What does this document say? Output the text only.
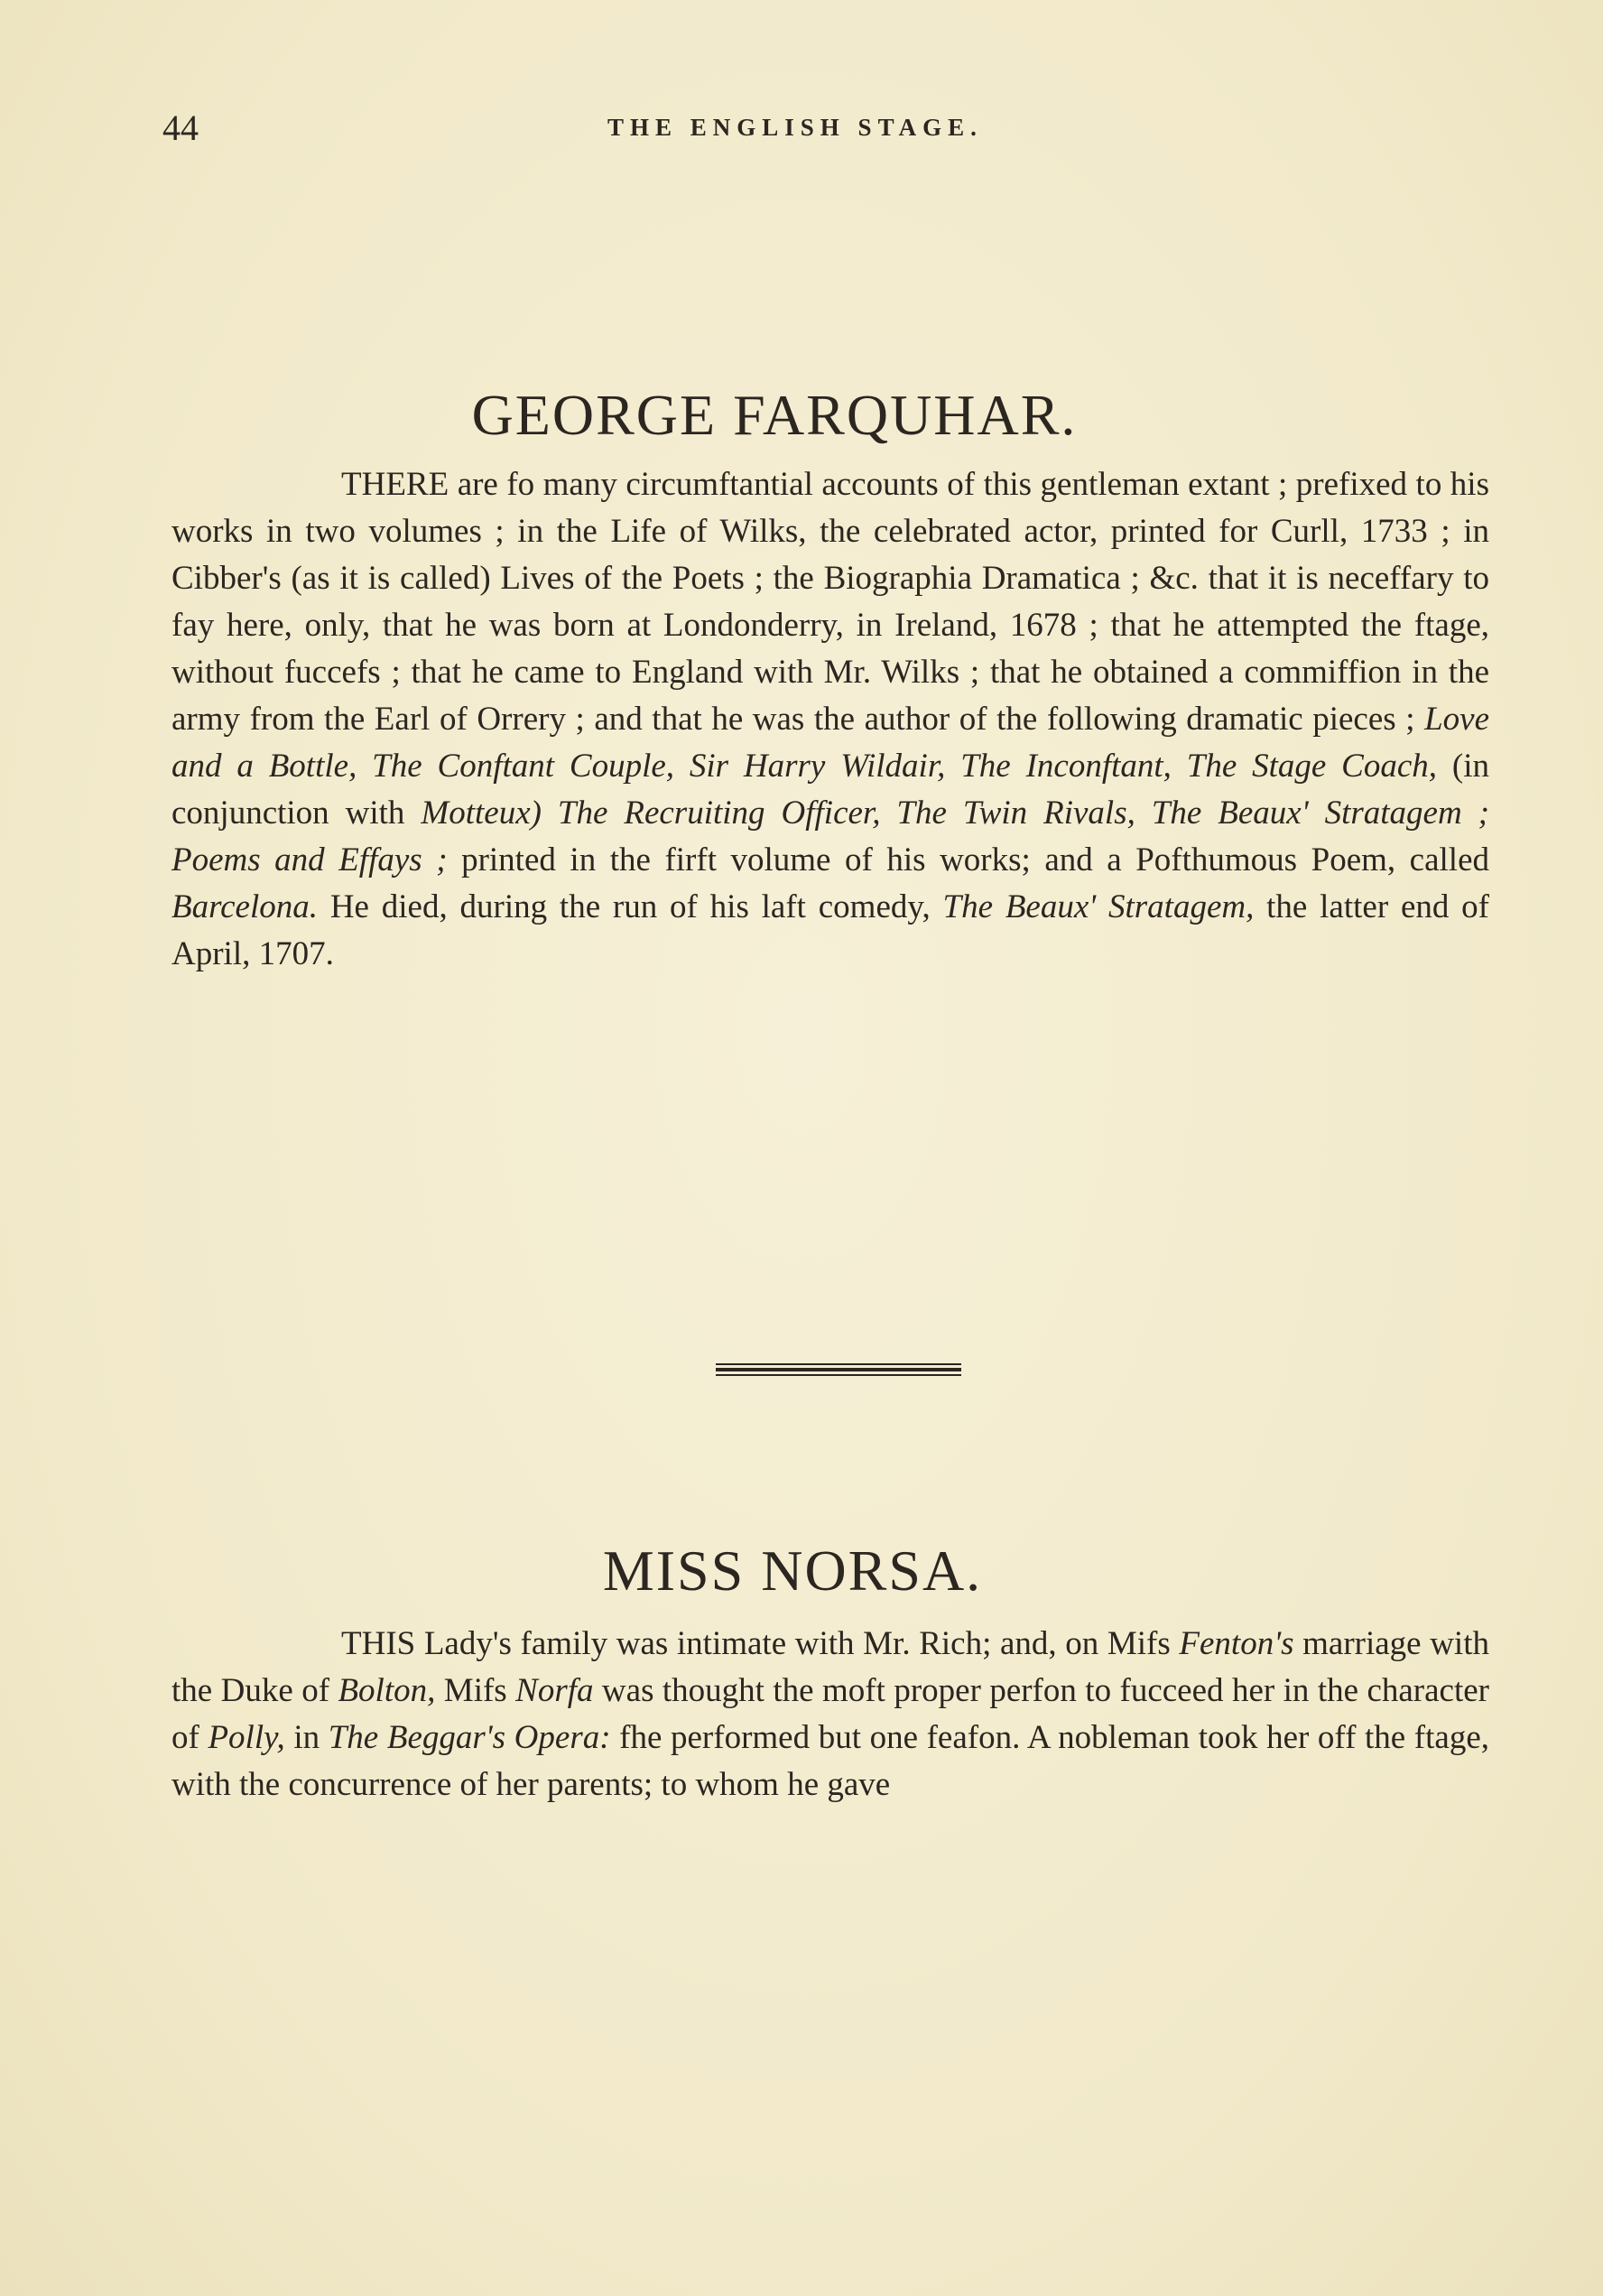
44	THE ENGLISH STAGE.
GEORGE FARQUHAR.

THERE are fo many circumftantial accounts of this gentleman extant ; prefixed to his works in two volumes ; in the Life of Wilks, the celebrated actor, printed for Curll, 1733 ; in Cibber's (as it is called) Lives of the Poets ; the Biographia Dramatica ; &c. that it is neceffary to fay here, only, that he was born at Londonderry, in Ireland, 1678 ; that he attempted the ftage, without fuccefs ; that he came to England with Mr. Wilks ; that he obtained a commiffion in the army from the Earl of Orrery ; and that he was the author of the following dramatic pieces ; Love and a Bottle, The Conftant Couple, Sir Harry Wildair, The Inconftant, The Stage Coach, (in conjunction with Motteux) The Recruiting Officer, The Twin Rivals, The Beaux' Stratagem ; Poems and Effays ; printed in the firft volume of his works; and a Pofthumous Poem, called Barcelona. He died, during the run of his laft comedy, The Beaux' Stratagem, the latter end of April, 1707.

MISS NORSA.

THIS Lady's family was intimate with Mr. Rich; and, on Mifs Fenton's marriage with the Duke of Bolton, Mifs Norfa was thought the moft proper perfon to fucceed her in the character of Polly, in The Beggar's Opera: fhe performed but one feafon. A nobleman took her off the ftage, with the concurrence of her parents; to whom he gave
